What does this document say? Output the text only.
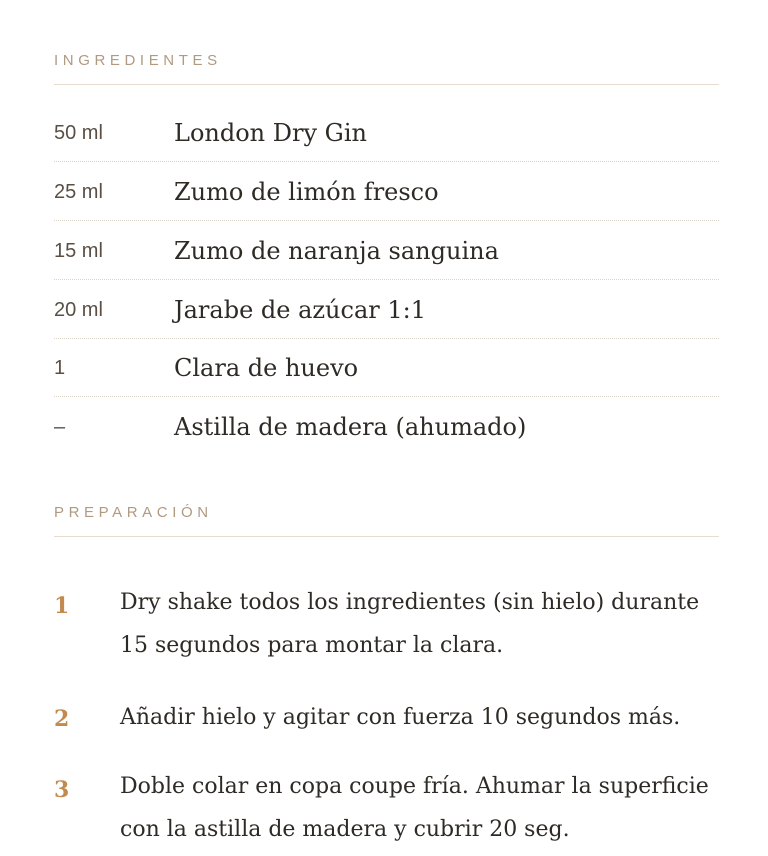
INGREDIENTES
50 ml	London Dry Gin
25 ml	Zumo de limón fresco
15 ml	Zumo de naranja sanguina
20 ml	Jarabe de azúcar 1:1
1	Clara de huevo
–	Astilla de madera (ahumado)
PREPARACIÓN
1 Dry shake todos los ingredientes (sin hielo) durante 15 segundos para montar la clara.
2 Añadir hielo y agitar con fuerza 10 segundos más.
3 Doble colar en copa coupe fría. Ahumar la superficie con la astilla de madera y cubrir 20 seg.
